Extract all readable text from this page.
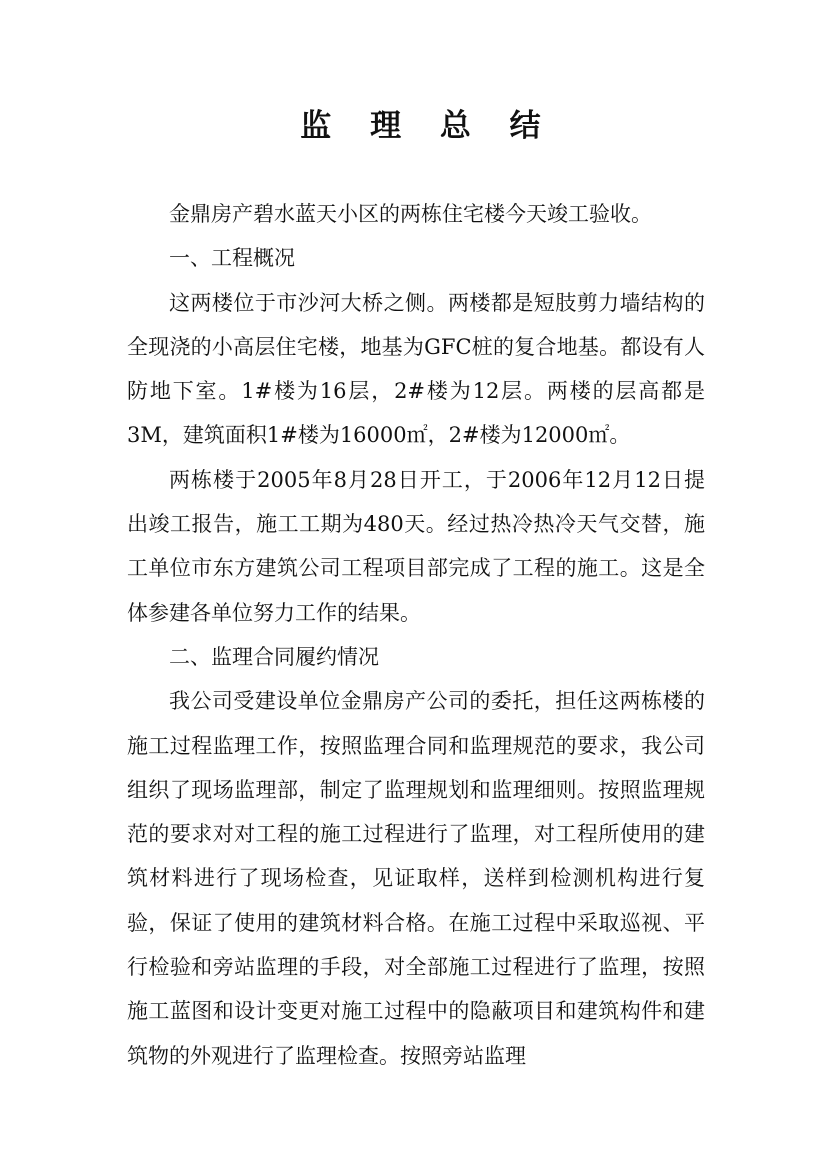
监 理 总 结

金鼎房产碧水蓝天小区的两栋住宅楼今天竣工验收。

一、工程概况

这两楼位于市沙河大桥之侧。两楼都是短肢剪力墙结构的全现浇的小高层住宅楼，地基为GFC桩的复合地基。都设有人防地下室。1#楼为16层，2#楼为12层。两楼的层高都是3M，建筑面积1#楼为16000㎡，2#楼为12000㎡。

两栋楼于2005年8月28日开工，于2006年12月12日提出竣工报告，施工工期为480天。经过热冷热冷天气交替，施工单位市东方建筑公司工程项目部完成了工程的施工。这是全体参建各单位努力工作的结果。

二、监理合同履约情况

我公司受建设单位金鼎房产公司的委托，担任这两栋楼的施工过程监理工作，按照监理合同和监理规范的要求，我公司组织了现场监理部，制定了监理规划和监理细则。按照监理规范的要求对对工程的施工过程进行了监理，对工程所使用的建筑材料进行了现场检查，见证取样，送样到检测机构进行复验，保证了使用的建筑材料合格。在施工过程中采取巡视、平行检验和旁站监理的手段，对全部施工过程进行了监理，按照施工蓝图和设计变更对施工过程中的隐蔽项目和建筑构件和建筑物的外观进行了监理检查。按照旁站监理
